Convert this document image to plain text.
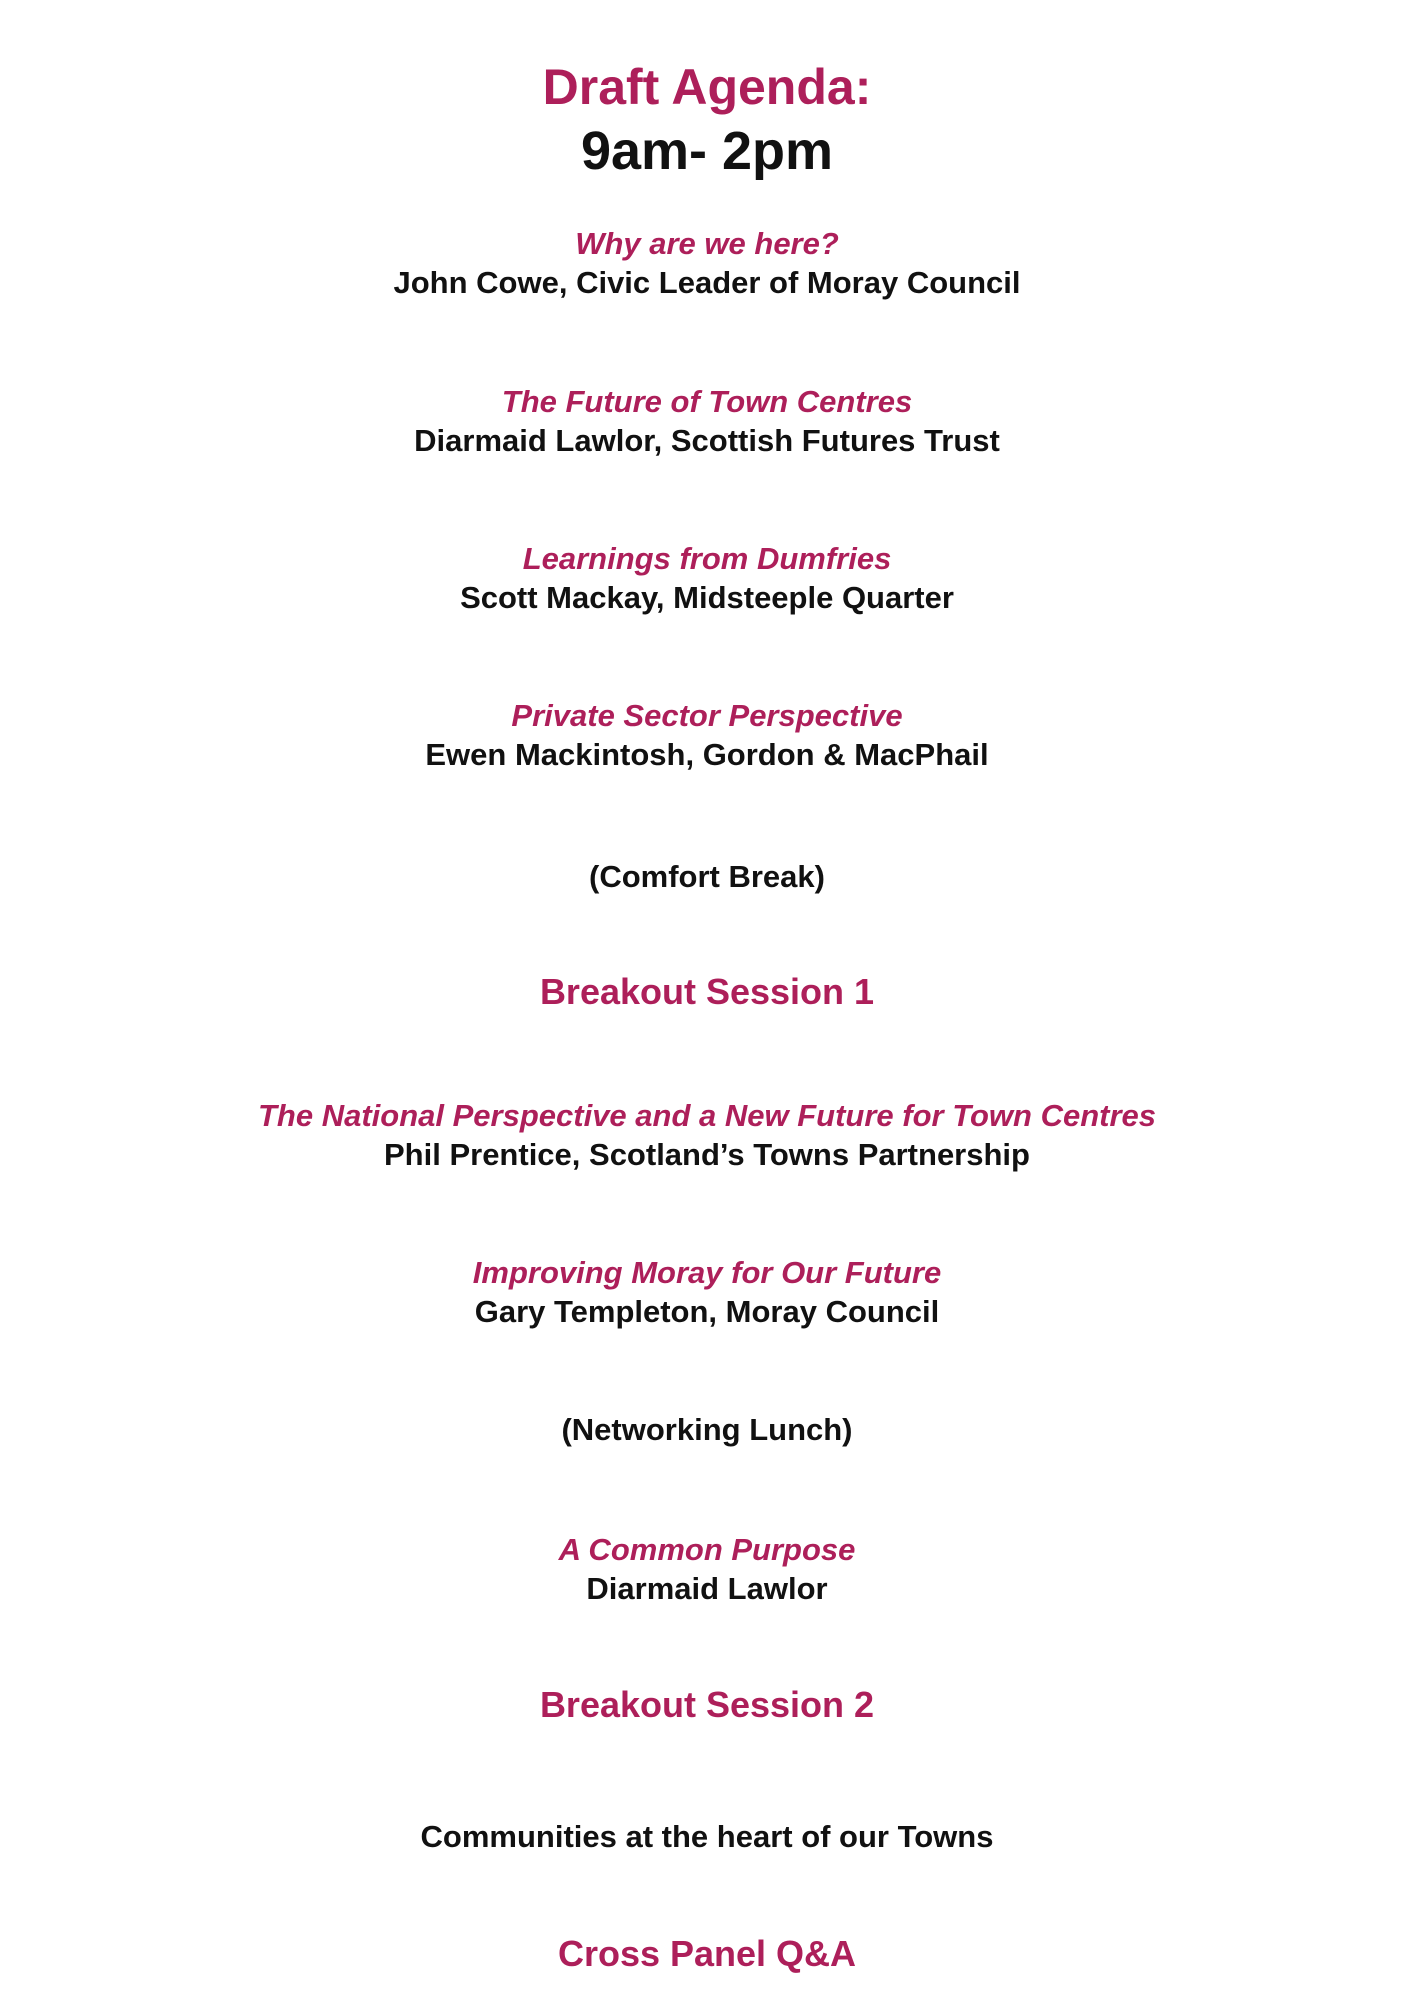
Draft Agenda:
9am- 2pm
Why are we here?
John Cowe, Civic Leader of Moray Council
The Future of Town Centres
Diarmaid Lawlor, Scottish Futures Trust
Learnings from Dumfries
Scott Mackay, Midsteeple Quarter
Private Sector Perspective
Ewen Mackintosh, Gordon & MacPhail
(Comfort Break)
Breakout Session 1
The National Perspective and a New Future for Town Centres
Phil Prentice, Scotland’s Towns Partnership
Improving Moray for Our Future
Gary Templeton, Moray Council
(Networking Lunch)
A Common Purpose
Diarmaid Lawlor
Breakout Session 2
Communities at the heart of our Towns
Cross Panel Q&A
